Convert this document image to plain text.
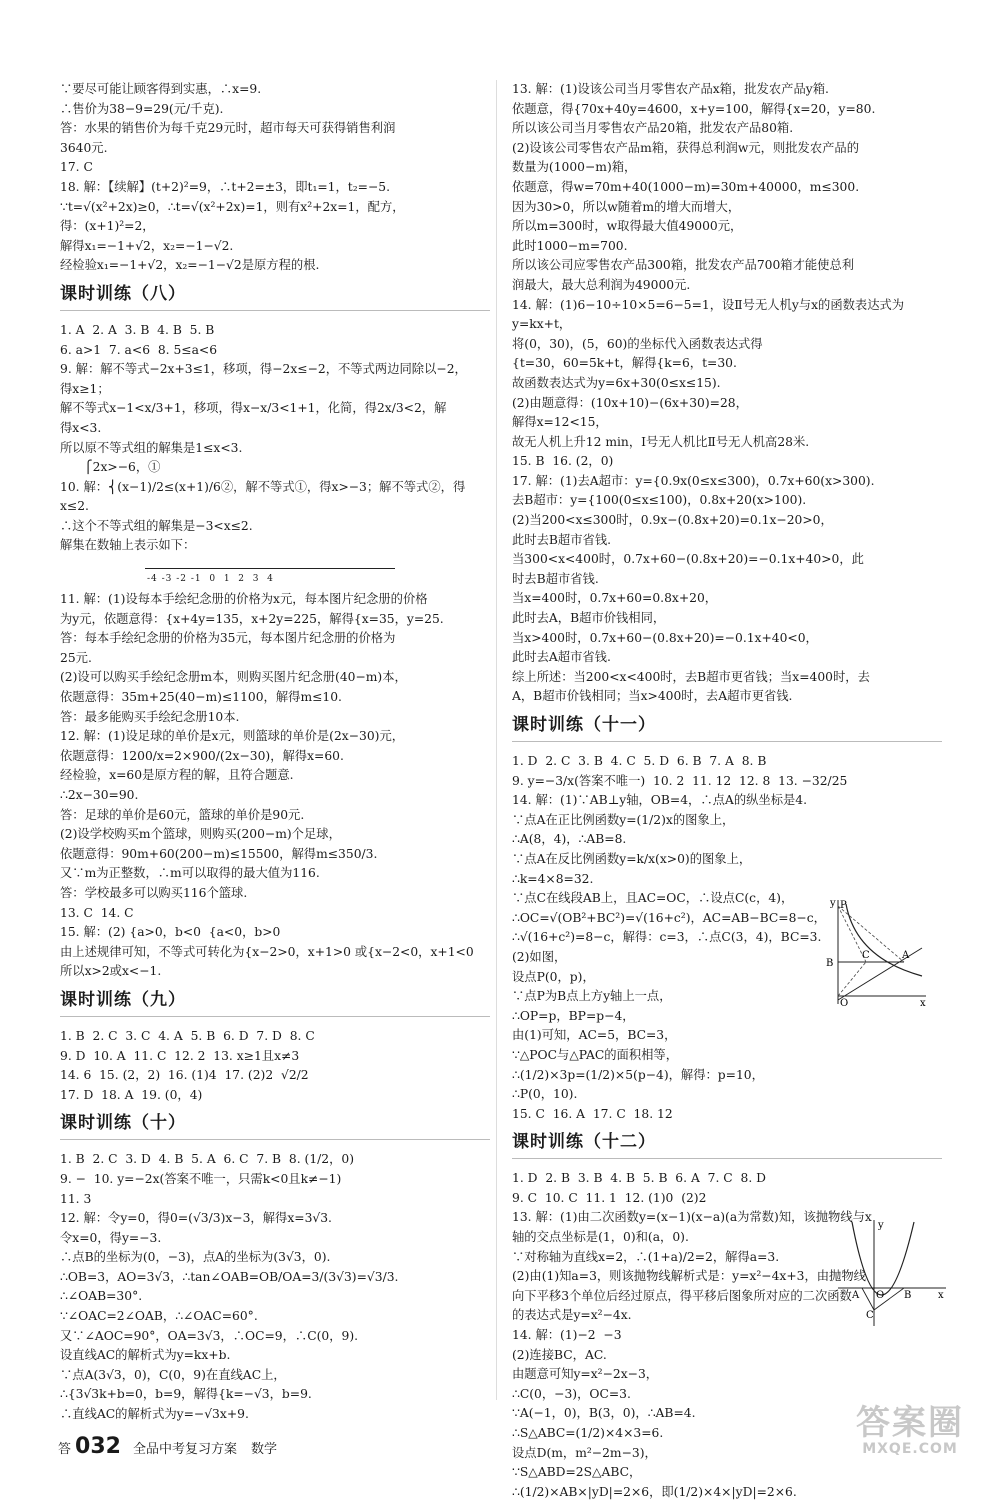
∵要尽可能让顾客得到实惠，∴x=9.
∴售价为38−9=29(元/千克).
答：水果的销售价为每千克29元时，超市每天可获得销售利润
3640元.
17. C
18. 解：【续解】(t+2)²=9，∴t+2=±3，即t₁=1，t₂=−5.
∵t=√(x²+2x)≥0，∴t=√(x²+2x)=1，则有x²+2x=1，配方，
得：(x+1)²=2，
解得x₁=−1+√2，x₂=−1−√2.
经检验x₁=−1+√2，x₂=−1−√2是原方程的根.
课时训练（八）
1. A  2. A  3. B  4. B  5. B
6. a>1  7. a<6  8. 5≤a<6
9. 解：解不等式−2x+3≤1，移项，得−2x≤−2，不等式两边同除以−2，
得x≥1；
解不等式x−1<x/3+1，移项，得x−x/3<1+1，化简，得2x/3<2，解
得x<3.
所以原不等式组的解集是1≤x<3.
⎧2x>−6，①
10. 解：⎨(x−1)/2≤(x+1)/6②，解不等式①，得x>−3；解不等式②，得
x≤2.
∴这个不等式组的解集是−3<x≤2.
解集在数轴上表示如下：
-4 -3 -2 -1  0  1  2  3  4
11. 解：(1)设每本手绘纪念册的价格为x元，每本图片纪念册的价格
为y元，依题意得：{x+4y=135，x+2y=225，解得{x=35，y=25.
答：每本手绘纪念册的价格为35元，每本图片纪念册的价格为
25元.
(2)设可以购买手绘纪念册m本，则购买图片纪念册(40−m)本，
依题意得：35m+25(40−m)≤1100，解得m≤10.
答：最多能购买手绘纪念册10本.
12. 解：(1)设足球的单价是x元，则篮球的单价是(2x−30)元，
依题意得：1200/x=2×900/(2x−30)，解得x=60.
经检验，x=60是原方程的解，且符合题意.
∴2x−30=90.
答：足球的单价是60元，篮球的单价是90元.
(2)设学校购买m个篮球，则购买(200−m)个足球，
依题意得：90m+60(200−m)≤15500，解得m≤350/3.
又∵m为正整数，∴m可以取得的最大值为116.
答：学校最多可以购买116个篮球.
13. C  14. C
15. 解：(2) {a>0，b<0  {a<0，b>0
由上述规律可知，不等式可转化为{x−2>0，x+1>0 或{x−2<0，x+1<0
所以x>2或x<−1.
课时训练（九）
1. B  2. C  3. C  4. A  5. B  6. D  7. D  8. C
9. D  10. A  11. C  12. 2  13. x≥1且x≠3
14. 6  15. (2，2)  16. (1)4  17. (2)2  √2/2
17. D  18. A  19. (0，4)
课时训练（十）
1. B  2. C  3. D  4. B  5. A  6. C  7. B  8. (1/2，0)
9. −  10. y=−2x(答案不唯一，只需k<0且k≠−1)
11. 3
12. 解：令y=0，得0=(√3/3)x−3，解得x=3√3.
令x=0，得y=−3.
∴点B的坐标为(0，−3)，点A的坐标为(3√3，0).
∴OB=3，AO=3√3，∴tan∠OAB=OB/OA=3/(3√3)=√3/3.
∴∠OAB=30°.
∵∠OAC=2∠OAB，∴∠OAC=60°.
又∵∠AOC=90°，OA=3√3，∴OC=9，∴C(0，9).
设直线AC的解析式为y=kx+b.
∵点A(3√3，0)，C(0，9)在直线AC上，
∴{3√3k+b=0，b=9，解得{k=−√3，b=9.
∴直线AC的解析式为y=−√3x+9.
13. 解：(1)设该公司当月零售农产品x箱，批发农产品y箱.
依题意，得{70x+40y=4600，x+y=100，解得{x=20，y=80.
所以该公司当月零售农产品20箱，批发农产品80箱.
(2)设该公司零售农产品m箱，获得总利润w元，则批发农产品的
数量为(1000−m)箱，
依题意，得w=70m+40(1000−m)=30m+40000，m≤300.
因为30>0，所以w随着m的增大而增大，
所以m=300时，w取得最大值49000元，
此时1000−m=700.
所以该公司应零售农产品300箱，批发农产品700箱才能使总利
润最大，最大总利润为49000元.
14. 解：(1)6−10÷10×5=6−5=1，设Ⅱ号无人机y与x的函数表达式为
y=kx+t，
将(0，30)，(5，60)的坐标代入函数表达式得
{t=30，60=5k+t，解得{k=6，t=30.
故函数表达式为y=6x+30(0≤x≤15).
(2)由题意得：(10x+10)−(6x+30)=28，
解得x=12<15，
故无人机上升12 min，Ⅰ号无人机比Ⅱ号无人机高28米.
15. B  16. (2，0)
17. 解：(1)去A超市：y={0.9x(0≤x≤300)，0.7x+60(x>300).
去B超市：y={100(0≤x≤100)，0.8x+20(x>100).
(2)当200<x≤300时，0.9x−(0.8x+20)=0.1x−20>0，
此时去B超市省钱.
当300<x<400时，0.7x+60−(0.8x+20)=−0.1x+40>0，此
时去B超市省钱.
当x=400时，0.7x+60=0.8x+20，
此时去A，B超市价钱相同，
当x>400时，0.7x+60−(0.8x+20)=−0.1x+40<0，
此时去A超市省钱.
综上所述：当200<x<400时，去B超市更省钱；当x=400时，去
A，B超市价钱相同；当x>400时，去A超市更省钱.
课时训练（十一）
1. D  2. C  3. B  4. C  5. D  6. B  7. A  8. B
9. y=−3/x(答案不唯一)  10. 2  11. 12  12. 8  13. −32/25
14. 解：(1)∵AB⊥y轴，OB=4，∴点A的纵坐标是4.
∵点A在正比例函数y=(1/2)x的图象上，
∴A(8，4)，∴AB=8.
∵点A在反比例函数y=k/x(x>0)的图象上，
∴k=4×8=32.
∵点C在线段AB上，且AC=OC，∴设点C(c，4)，
∴OC=√(OB²+BC²)=√(16+c²)，AC=AB−BC=8−c，
∴√(16+c²)=8−c，解得：c=3，∴点C(3，4)，BC=3.
(2)如图，
设点P(0，p)，
∵点P为B点上方y轴上一点，
∴OP=p，BP=p−4，
由(1)可知，AC=5，BC=3，
∵△POC与△PAC的面积相等，
∴(1/2)×3p=(1/2)×5(p−4)，解得：p=10，
∴P(0，10).
15. C  16. A  17. C  18. 12
课时训练（十二）
1. D  2. B  3. B  4. B  5. B  6. A  7. C  8. D
9. C  10. C  11. 1  12. (1)0  (2)2
13. 解：(1)由二次函数y=(x−1)(x−a)(a为常数)知，该抛物线与x
轴的交点坐标是(1，0)和(a，0).
∵对称轴为直线x=2，∴(1+a)/2=2，解得a=3.
(2)由(1)知a=3，则该抛物线解析式是：y=x²−4x+3，由抛物线
向下平移3个单位后经过原点，得平移后图象所对应的二次函数
的表达式是y=x²−4x.
14. 解：(1)−2  −3
(2)连接BC，AC.
由题意可知y=x²−2x−3，
∴C(0，−3)，OC=3.
∵A(−1，0)，B(3，0)，∴AB=4.
∴S△ABC=(1/2)×4×3=6.
设点D(m，m²−2m−3)，
∵S△ABD=2S△ABC，
∴(1/2)×AB×|yD|=2×6，即(1/2)×4×|yD|=2×6.
P
C	A
B
O	x
y
y
A O B
C
x
答 032 全品中考复习方案 数学
答案圈
MXQE.COM
